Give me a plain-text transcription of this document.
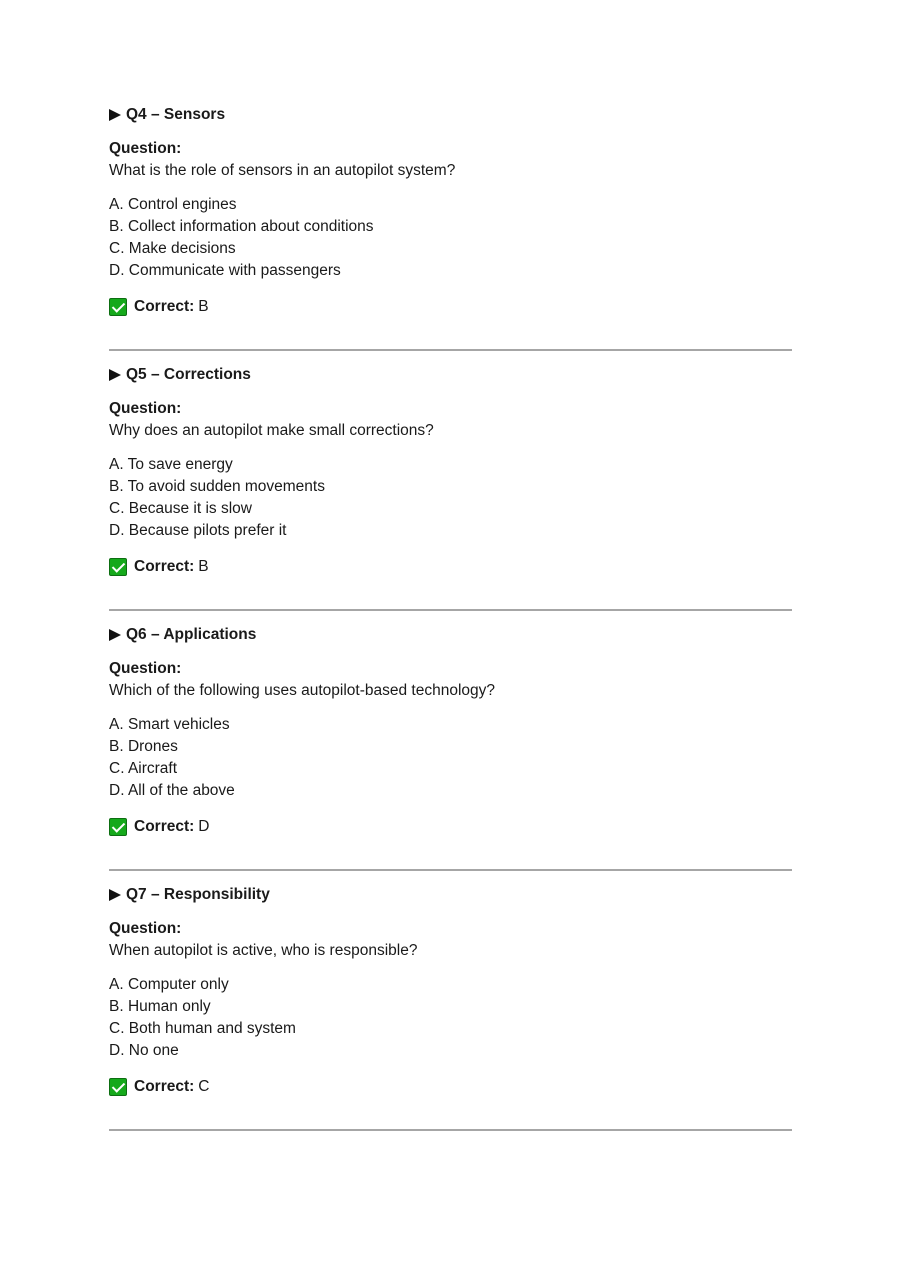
Q4 – Sensors
Question:
What is the role of sensors in an autopilot system?
A. Control engines
B. Collect information about conditions
C. Make decisions
D. Communicate with passengers
Correct: B
Q5 – Corrections
Question:
Why does an autopilot make small corrections?
A. To save energy
B. To avoid sudden movements
C. Because it is slow
D. Because pilots prefer it
Correct: B
Q6 – Applications
Question:
Which of the following uses autopilot-based technology?
A. Smart vehicles
B. Drones
C. Aircraft
D. All of the above
Correct: D
Q7 – Responsibility
Question:
When autopilot is active, who is responsible?
A. Computer only
B. Human only
C. Both human and system
D. No one
Correct: C
